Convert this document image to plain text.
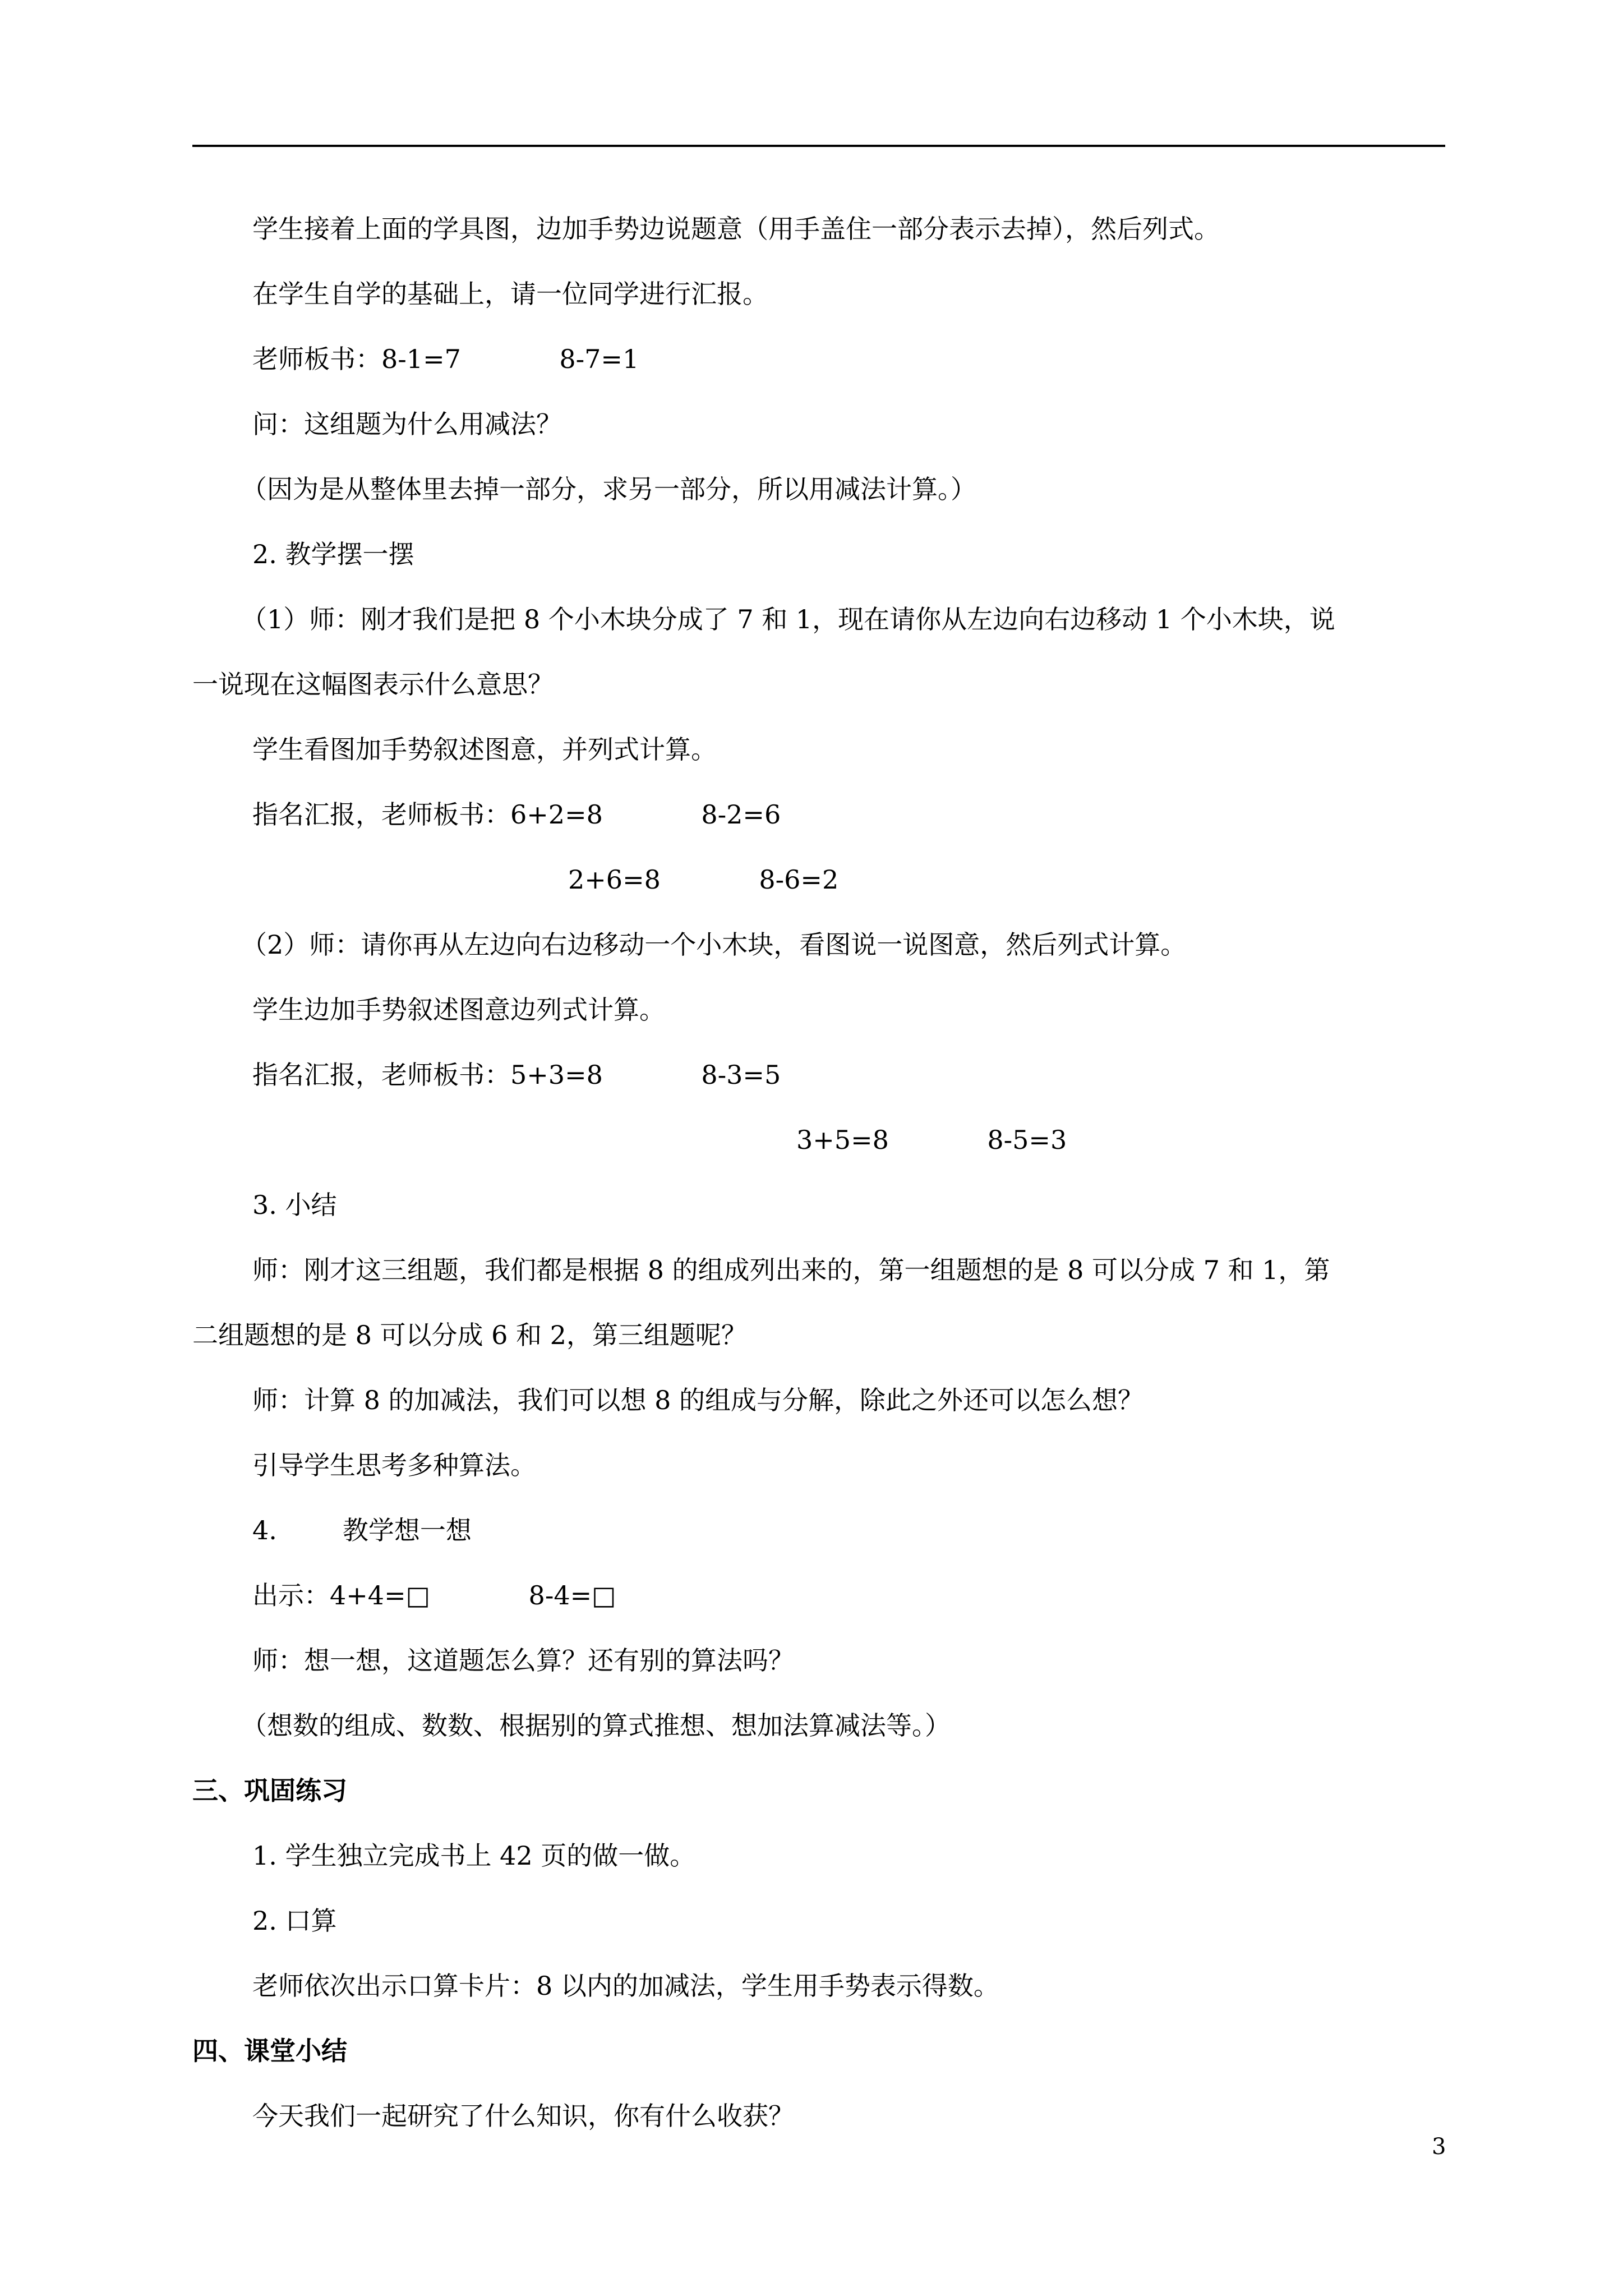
学生接着上面的学具图，边加手势边说题意（用手盖住一部分表示去掉），然后列式。

在学生自学的基础上，请一位同学进行汇报。

老师板书：8-1=7            8-7=1

问：这组题为什么用减法？

（因为是从整体里去掉一部分，求另一部分，所以用减法计算。）

2. 教学摆一摆

（1）师：刚才我们是把 8 个小木块分成了 7 和 1，现在请你从左边向右边移动 1 个小木块，说

一说现在这幅图表示什么意思？

学生看图加手势叙述图意，并列式计算。

指名汇报，老师板书：6+2=8            8-2=6

2+6=8            8-6=2

（2）师：请你再从左边向右边移动一个小木块，看图说一说图意，然后列式计算。

学生边加手势叙述图意边列式计算。

指名汇报，老师板书：5+3=8            8-3=5

3+5=8            8-5=3

3. 小结

师：刚才这三组题，我们都是根据 8 的组成列出来的，第一组题想的是 8 可以分成 7 和 1，第

二组题想的是 8 可以分成 6 和 2，第三组题呢？

师：计算 8 的加减法，我们可以想 8 的组成与分解，除此之外还可以怎么想？

引导学生思考多种算法。

4.        教学想一想

出示：4+4=□            8-4=□

师：想一想，这道题怎么算？还有别的算法吗？

（想数的组成、数数、根据别的算式推想、想加法算减法等。）

三、巩固练习

1. 学生独立完成书上 42 页的做一做。

2. 口算

老师依次出示口算卡片：8 以内的加减法，学生用手势表示得数。

四、课堂小结

今天我们一起研究了什么知识，你有什么收获？

3
